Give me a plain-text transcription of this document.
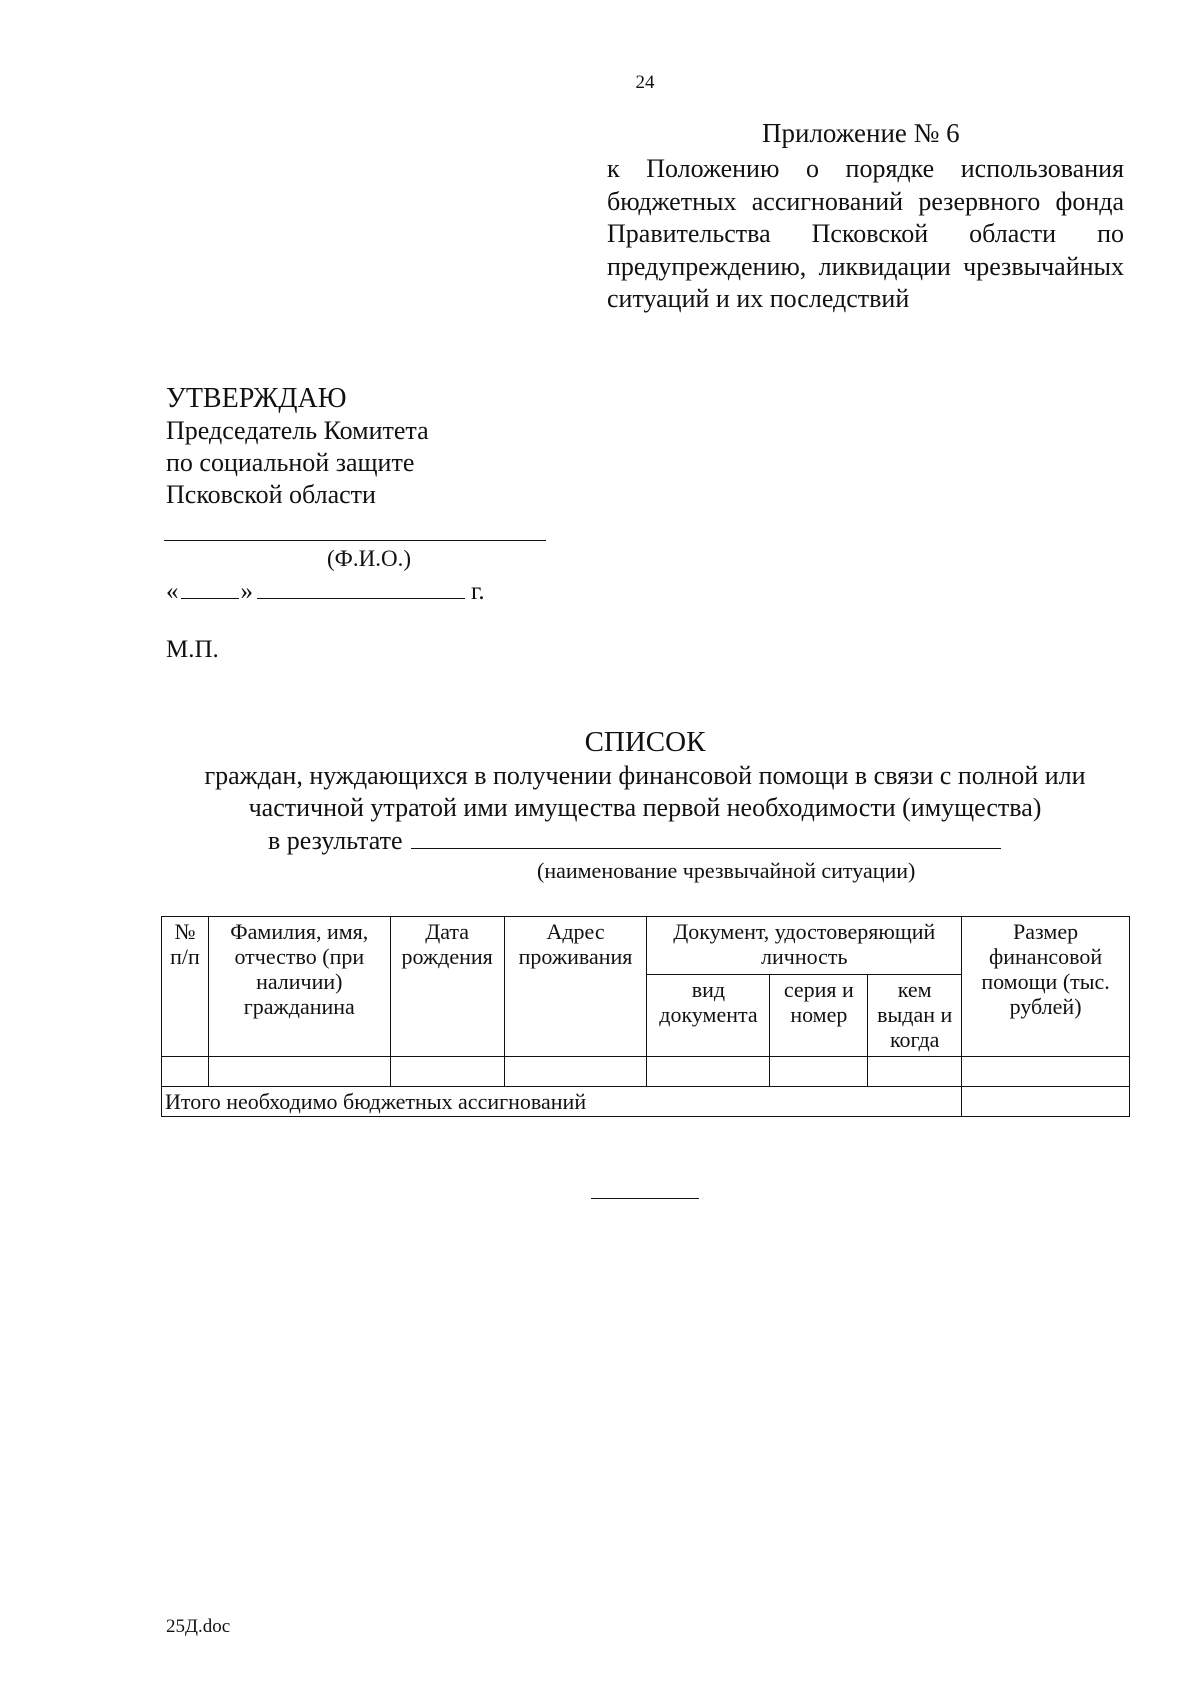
24
Приложение № 6
к Положению о порядке использования бюджетных ассигнований резервного фонда Правительства Псковской области по предупреждению, ликвидации чрезвычайных ситуаций и их последствий
УТВЕРЖДАЮ
Председатель Комитета
по социальной защите
Псковской области
(Ф.И.О.)
« »	г.
М.П.
СПИСОК
граждан, нуждающихся в получении финансовой помощи в связи с полной или частичной утратой ими имущества первой необходимости (имущества)
в результате
(наименование чрезвычайной ситуации)
№ п/п	Фамилия, имя, отчество (при наличии) гражданина	Дата рождения	Адрес проживания	Документ, удостоверяющий личность			Размер финансовой помощи (тыс. рублей)
				вид документа	серия и номер	кем выдан и когда	

Итого необходимо бюджетных ассигнований							
25Д.doc
